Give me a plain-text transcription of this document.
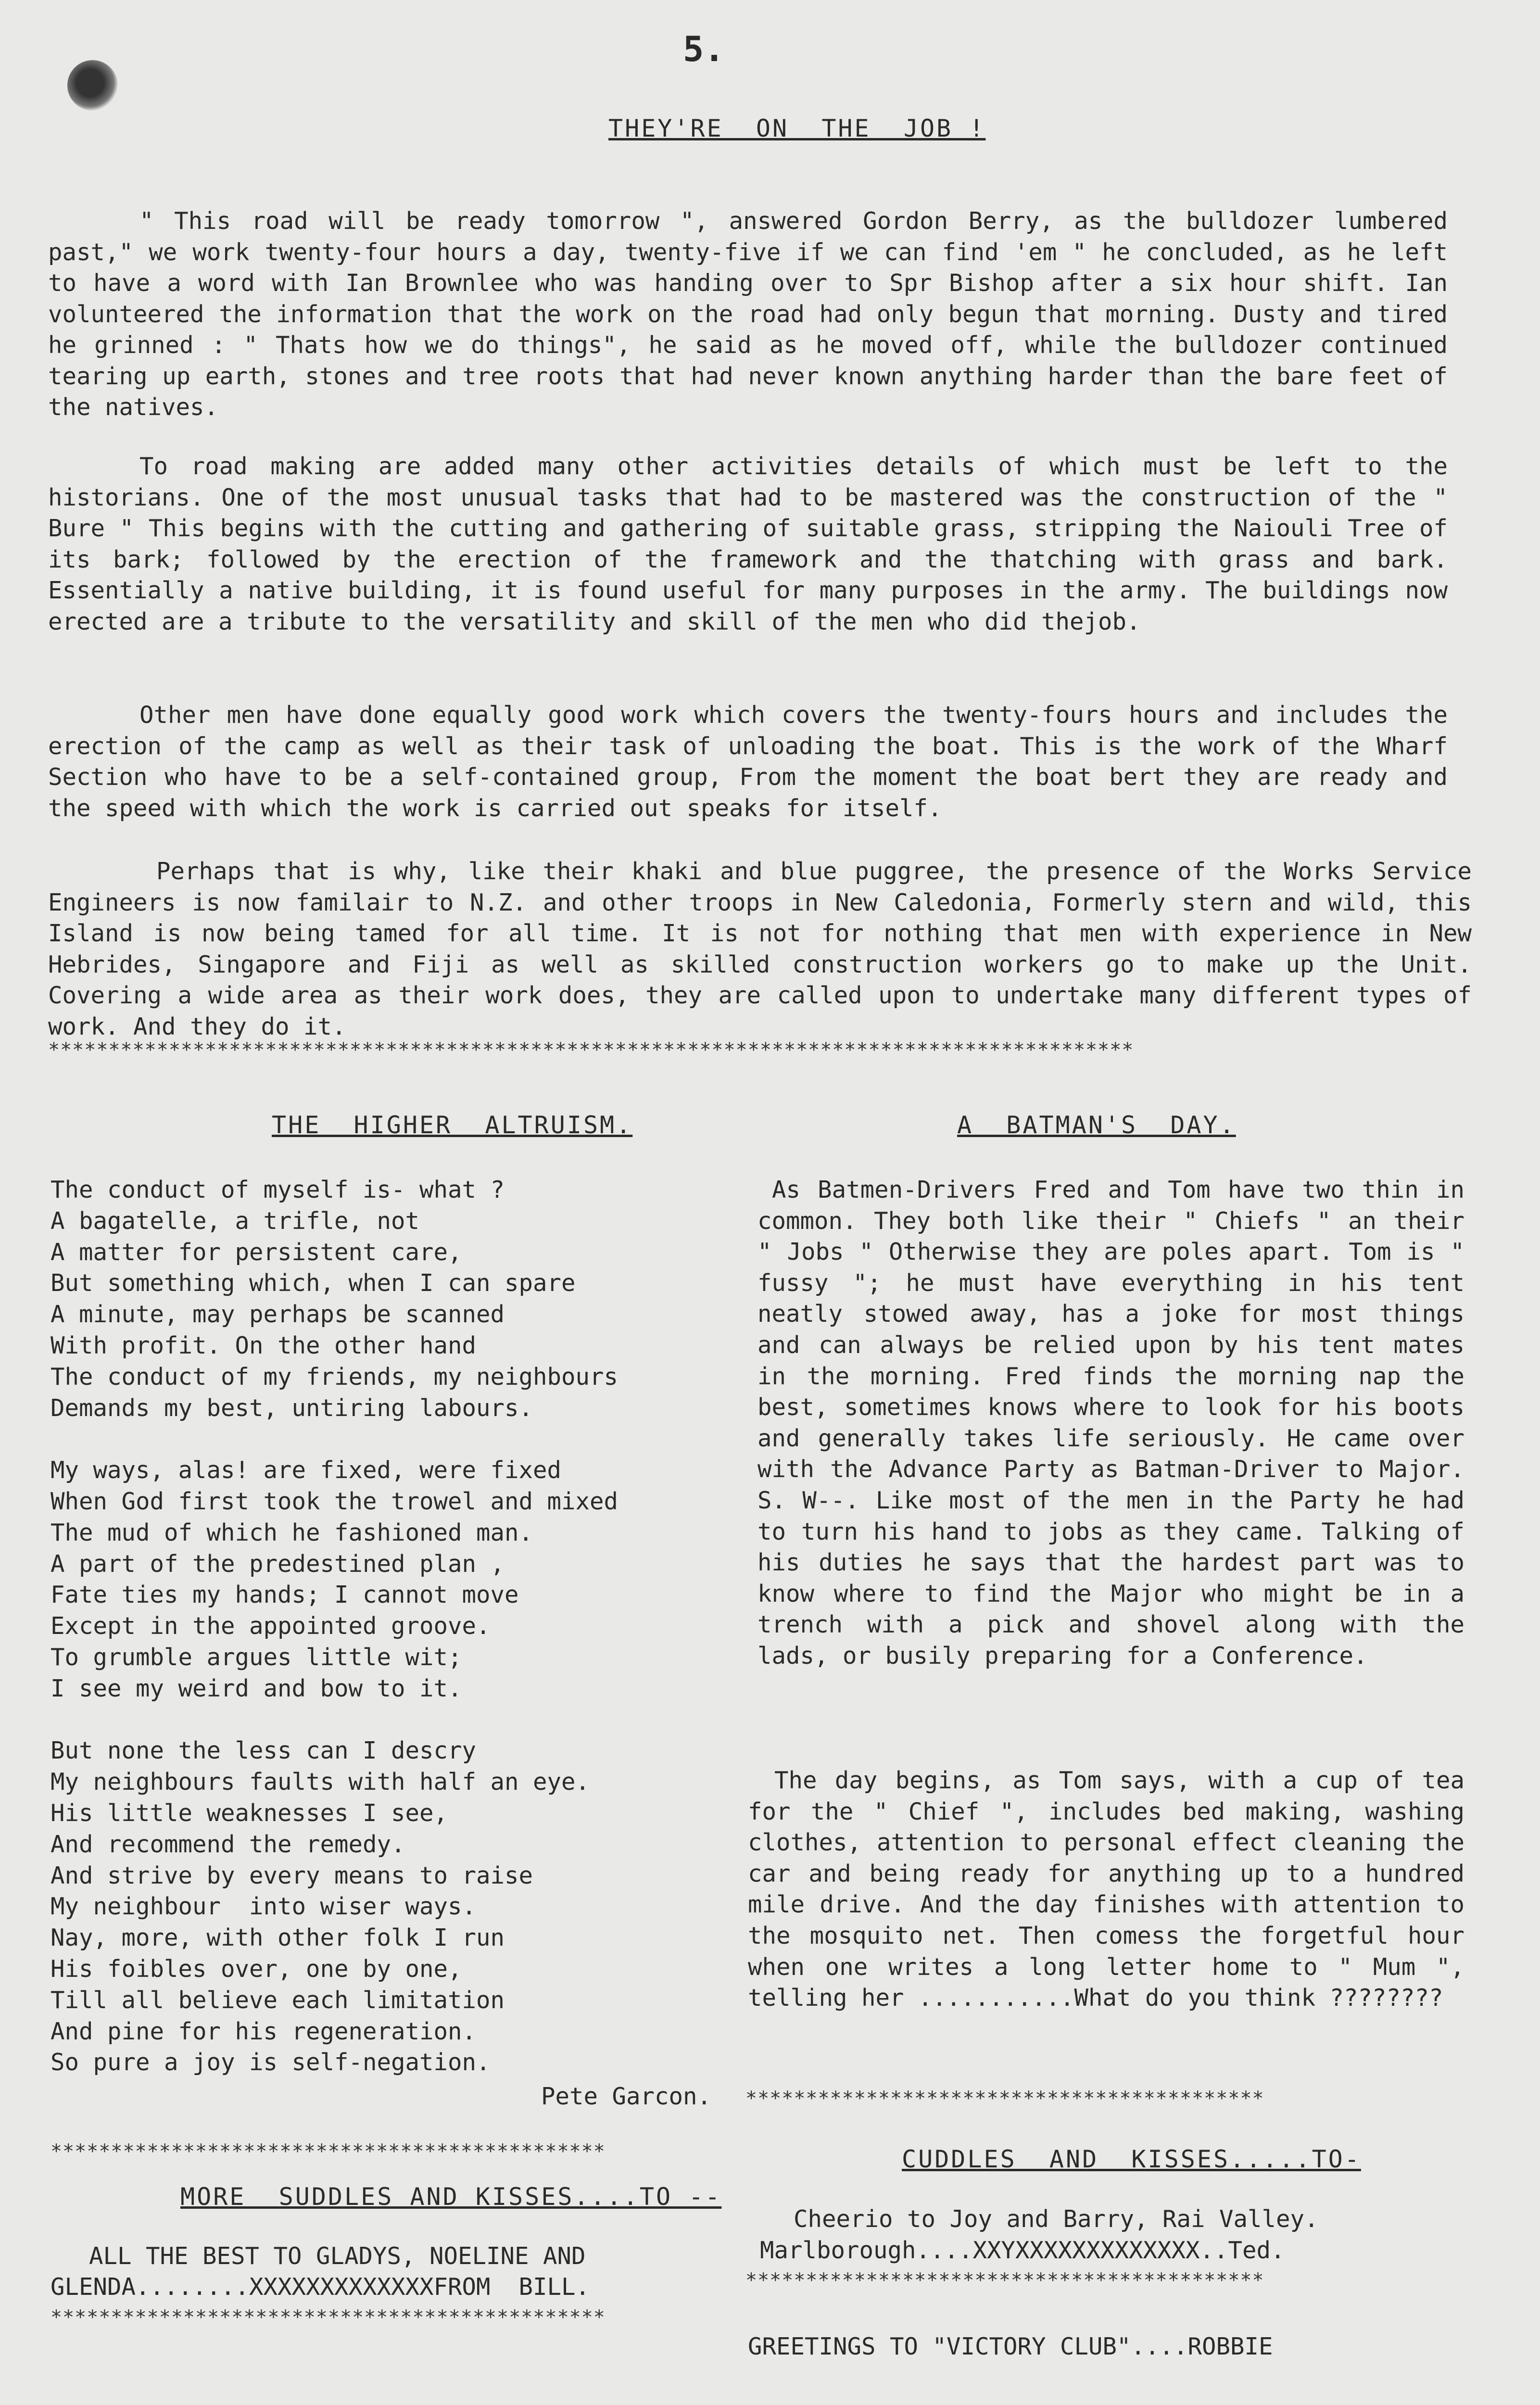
5.
THEY'RE  ON  THE  JOB !

" This road will be ready tomorrow ", answered Gordon Berry, as the bulldozer lumbered past," we work twenty-four hours a day, twenty-five if we can find 'em " he concluded, as he left to have a word with Ian Brownlee who was handing over to Spr Bishop after a six hour shift. Ian volunteered the information that the work on the road had only begun that morning. Dusty and tired he grinned : " Thats how we do things", he said as he moved off, while the bulldozer continued tearing up earth, stones and tree roots that had never known anything harder than the bare feet of the natives.

To road making are added many other activities details of which must be left to the historians. One of the most unusual tasks that had to be mastered was the construction of the " Bure " This begins with the cutting and gathering of suitable grass, stripping the Naiouli Tree of its bark; followed by the erection of the framework and the thatching with grass and bark. Essentially a native building, it is found useful for many purposes in the army. The buildings now erected are a tribute to the versatility and skill of the men who did thejob.

Other men have done equally good work which covers the twenty-fours hours and includes the erection of the camp as well as their task of unloading the boat. This is the work of the Wharf Section who have to be a self-contained group, From the moment the boat bert they are ready and the speed with which the work is carried out speaks for itself.

Perhaps that is why, like their khaki and blue puggree, the presence of the Works Service Engineers is now familair to N.Z. and other troops in New Caledonia, Formerly stern and wild, this Island is now being tamed for all time. It is not for nothing that men with experience in New Hebrides, Singapore and Fiji as well as skilled construction workers go to make up the Unit. Covering a wide area as their work does, they are called upon to undertake many different types of work. And they do it.

******************************************************************************************
THE  HIGHER  ALTRUISM.
The conduct of myself is- what ?
A bagatelle, a trifle, not
A matter for persistent care,
But something which, when I can spare
A minute, may perhaps be scanned
With profit. On the other hand
The conduct of my friends, my neighbours
Demands my best, untiring labours.

My ways, alas! are fixed, were fixed
When God first took the trowel and mixed
The mud of which he fashioned man.
A part of the predestined plan ,
Fate ties my hands; I cannot move
Except in the appointed groove.
To grumble argues little wit;
I see my weird and bow to it.

But none the less can I descry
My neighbours faults with half an eye.
His little weaknesses I see,
And recommend the remedy.
And strive by every means to raise
My neighbour  into wiser ways.
Nay, more, with other folk I run
His foibles over, one by one,
Till all believe each limitation
And pine for his regeneration.
So pure a joy is self-negation.
Pete Garcon.
A  BATMAN'S  DAY.

As Batmen-Drivers Fred and Tom have two thin in common. They both like their " Chiefs " an their " Jobs " Otherwise they are poles apart. Tom is " fussy "; he must have everything in his tent neatly stowed away, has a joke for most things and can always be relied upon by his tent mates in the morning. Fred finds the morning nap the best, sometimes knows where to look for his boots and generally takes life seriously. He came over with the Advance Party as Batman-Driver to Major. S. W--. Like most of the men in the Party he had to turn his hand to jobs as they came. Talking of his duties he says that the hardest part was to know where to find the Major who might be in a trench with a pick and shovel along with the lads, or busily preparing for a Conference.

The day begins, as Tom says, with a cup of tea for the " Chief ", includes bed making, washing clothes, attention to personal effect cleaning the car and being ready for anything up to a hundred mile drive. And the day finishes with attention to the mosquito net. Then comess the forgetful hour when one writes a long letter home to " Mum ", telling her ...........What do you think ????????

*******************************************
**********************************************
MORE  SUDDLES AND KISSES....TO --
ALL THE BEST TO GLADYS, NOELINE AND
GLENDA........XXXXXXXXXXXXXFROM  BILL.
**********************************************
CUDDLES  AND  KISSES.....TO-
Cheerio to Joy and Barry, Rai Valley.
Marlborough....XXYXXXXXXXXXXXXX..Ted.
*******************************************
GREETINGS TO "VICTORY CLUB"....ROBBIE
